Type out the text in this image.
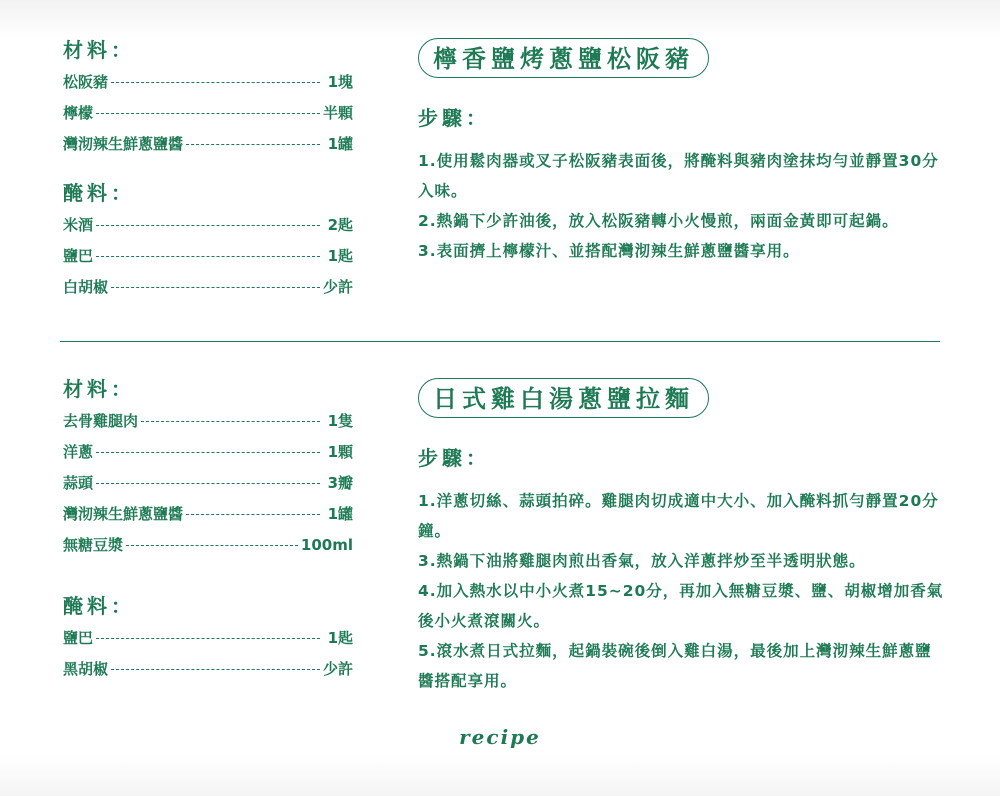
材料：
松阪豬	1塊
檸檬	半顆
灣沏辣生鮮蔥鹽醬	1罐
醃料：
米酒	2匙
鹽巴	1匙
白胡椒	少許
檸香鹽烤蔥鹽松阪豬
步驟：
1.使用鬆肉器或叉子松阪豬表面後，將醃料與豬肉塗抹均勻並靜置30分入味。
2.熱鍋下少許油後，放入松阪豬轉小火慢煎，兩面金黃即可起鍋。
3.表面擠上檸檬汁、並搭配灣沏辣生鮮蔥鹽醬享用。
材料：
去骨雞腿肉	1隻
洋蔥	1顆
蒜頭	3瓣
灣沏辣生鮮蔥鹽醬	1罐
無糖豆漿	100ml
醃料：
鹽巴	1匙
黑胡椒	少許
日式雞白湯蔥鹽拉麵
步驟：
1.洋蔥切絲、蒜頭拍碎。雞腿肉切成適中大小、加入醃料抓勻靜置20分鐘。
3.熱鍋下油將雞腿肉煎出香氣，放入洋蔥拌炒至半透明狀態。
4.加入熱水以中小火煮15~20分，再加入無糖豆漿、鹽、胡椒增加香氣後小火煮滾關火。
5.滾水煮日式拉麵，起鍋裝碗後倒入雞白湯，最後加上灣沏辣生鮮蔥鹽醬搭配享用。
recipe
